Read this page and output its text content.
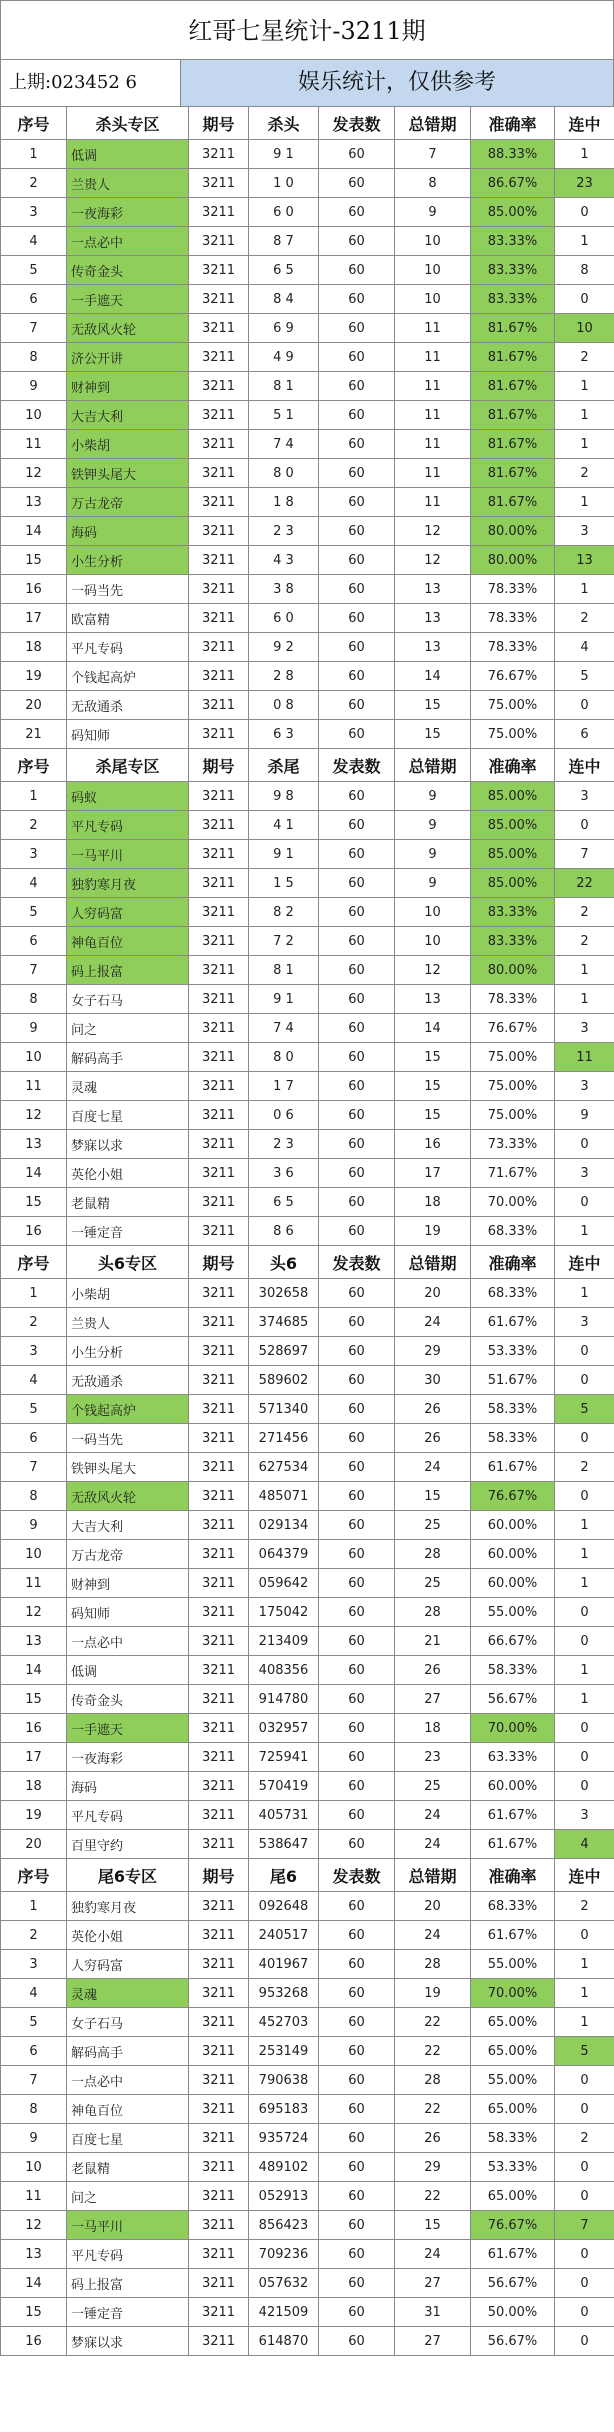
红哥七星统计-3211期
上期:023452 6	娱乐统计，仅供参考
序号	杀头专区	期号	杀头	发表数	总错期	准确率	连中
1	低调	3211	9 1	60	7	88.33%	1
2	兰贵人	3211	1 0	60	8	86.67%	23
3	一夜海彩	3211	6 0	60	9	85.00%	0
4	一点必中	3211	8 7	60	10	83.33%	1
5	传奇金头	3211	6 5	60	10	83.33%	8
6	一手遮天	3211	8 4	60	10	83.33%	0
7	无敌风火轮	3211	6 9	60	11	81.67%	10
8	济公开讲	3211	4 9	60	11	81.67%	2
9	财神到	3211	8 1	60	11	81.67%	1
10	大吉大利	3211	5 1	60	11	81.67%	1
11	小柴胡	3211	7 4	60	11	81.67%	1
12	铁钾头尾大	3211	8 0	60	11	81.67%	2
13	万古龙帝	3211	1 8	60	11	81.67%	1
14	海码	3211	2 3	60	12	80.00%	3
15	小生分析	3211	4 3	60	12	80.00%	13
16	一码当先	3211	3 8	60	13	78.33%	1
17	欧富精	3211	6 0	60	13	78.33%	2
18	平凡专码	3211	9 2	60	13	78.33%	4
19	个钱起高炉	3211	2 8	60	14	76.67%	5
20	无敌通杀	3211	0 8	60	15	75.00%	0
21	码知师	3211	6 3	60	15	75.00%	6
序号	杀尾专区	期号	杀尾	发表数	总错期	准确率	连中
1	码蚁	3211	9 8	60	9	85.00%	3
2	平凡专码	3211	4 1	60	9	85.00%	0
3	一马平川	3211	9 1	60	9	85.00%	7
4	独豹寒月夜	3211	1 5	60	9	85.00%	22
5	人穷码富	3211	8 2	60	10	83.33%	2
6	神龟百位	3211	7 2	60	10	83.33%	2
7	码上报富	3211	8 1	60	12	80.00%	1
8	女子石马	3211	9 1	60	13	78.33%	1
9	问之	3211	7 4	60	14	76.67%	3
10	解码高手	3211	8 0	60	15	75.00%	11
11	灵魂	3211	1 7	60	15	75.00%	3
12	百度七星	3211	0 6	60	15	75.00%	9
13	梦寐以求	3211	2 3	60	16	73.33%	0
14	英伦小姐	3211	3 6	60	17	71.67%	3
15	老鼠精	3211	6 5	60	18	70.00%	0
16	一锤定音	3211	8 6	60	19	68.33%	1
序号	头6专区	期号	头6	发表数	总错期	准确率	连中
1	小柴胡	3211	302658	60	20	68.33%	1
2	兰贵人	3211	374685	60	24	61.67%	3
3	小生分析	3211	528697	60	29	53.33%	0
4	无敌通杀	3211	589602	60	30	51.67%	0
5	个钱起高炉	3211	571340	60	26	58.33%	5
6	一码当先	3211	271456	60	26	58.33%	0
7	铁钾头尾大	3211	627534	60	24	61.67%	2
8	无敌风火轮	3211	485071	60	15	76.67%	0
9	大吉大利	3211	029134	60	25	60.00%	1
10	万古龙帝	3211	064379	60	28	60.00%	1
11	财神到	3211	059642	60	25	60.00%	1
12	码知师	3211	175042	60	28	55.00%	0
13	一点必中	3211	213409	60	21	66.67%	0
14	低调	3211	408356	60	26	58.33%	1
15	传奇金头	3211	914780	60	27	56.67%	1
16	一手遮天	3211	032957	60	18	70.00%	0
17	一夜海彩	3211	725941	60	23	63.33%	0
18	海码	3211	570419	60	25	60.00%	0
19	平凡专码	3211	405731	60	24	61.67%	3
20	百里守约	3211	538647	60	24	61.67%	4
序号	尾6专区	期号	尾6	发表数	总错期	准确率	连中
1	独豹寒月夜	3211	092648	60	20	68.33%	2
2	英伦小姐	3211	240517	60	24	61.67%	0
3	人穷码富	3211	401967	60	28	55.00%	1
4	灵魂	3211	953268	60	19	70.00%	1
5	女子石马	3211	452703	60	22	65.00%	1
6	解码高手	3211	253149	60	22	65.00%	5
7	一点必中	3211	790638	60	28	55.00%	0
8	神龟百位	3211	695183	60	22	65.00%	0
9	百度七星	3211	935724	60	26	58.33%	2
10	老鼠精	3211	489102	60	29	53.33%	0
11	问之	3211	052913	60	22	65.00%	0
12	一马平川	3211	856423	60	15	76.67%	7
13	平凡专码	3211	709236	60	24	61.67%	0
14	码上报富	3211	057632	60	27	56.67%	0
15	一锤定音	3211	421509	60	31	50.00%	0
16	梦寐以求	3211	614870	60	27	56.67%	0
